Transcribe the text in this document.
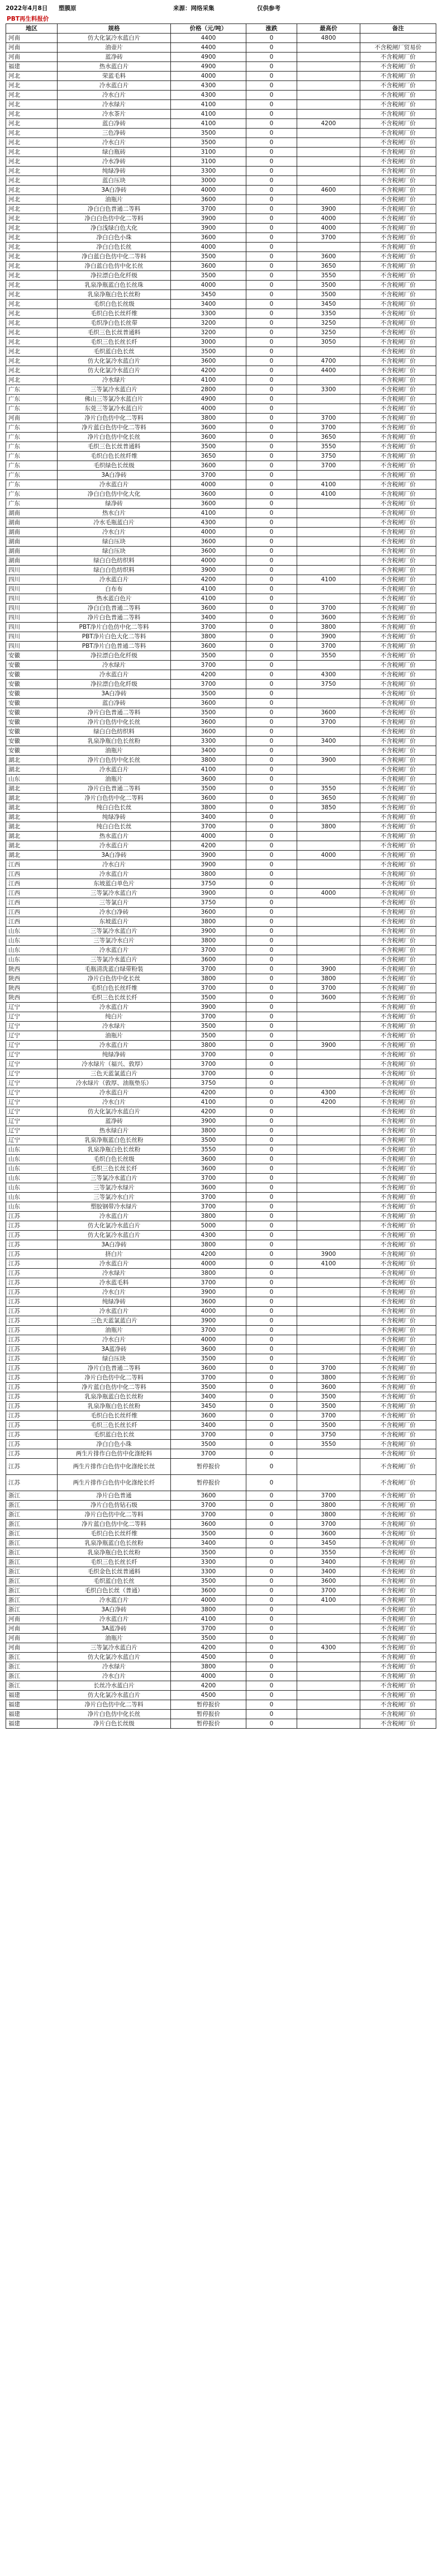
2022年4月8日 塑膜原	来源：网络采集	仅供参考
PBT再生料报价
地区	规格	价格（元/吨）	涨跌	最高价	备注
河南	仿大化氯冷水蓝白片	4400	0	4800	
河南	油壶片	4400	0		不含税闸厂贸易价
河南	蓝净砖	4900	0		不含税闸厂价
福建	热水蓝白片	4900	0		不含税闸厂价
河北	荣蓝毛料	4000	0		不含税闸厂价
河北	冷水蓝白片	4300	0		不含税闸厂价
河北	冷水白片	4300	0		不含税闸厂价
河北	冷水绿片	4100	0		不含税闸厂价
河北	冷水茶片	4100	0		不含税闸厂价
河北	蓝白净砖	4100	0	4200	不含税闸厂价
河北	三色净砖	3500	0		不含税闸厂价
河北	冷水白片	3500	0		不含税闸厂价
河北	绿白瓶砖	3100	0		不含税闸厂价
河北	冷水净砖	3100	0		不含税闸厂价
河北	纯绿净砖	3300	0		不含税闸厂价
河北	蓝白压块	3000	0		不含税闸厂价
河北	3A白净砖	4000	0	4600	不含税闸厂价
河北	油瓶片	3600	0		不含税闸厂价
河北	净白白色普通二等料	3700	0	3900	不含税闸厂价
河北	净白白色仿中化二等料	3900	0	4000	不含税闸厂价
河北	净白浅绿白色大化	3900	0	4000	不含税闸厂价
河北	净白白色小珠	3600	0	3700	不含税闸厂价
河北	净白白色长丝	4000	0		不含税闸厂价
河北	净白蓝白色仿中化二等料	3500	0	3600	不含税闸厂价
河北	净白蓝白色仿中化长丝	3600	0	3650	不含税闸厂价
河北	净拉漂白色化纤级	3500	0	3550	不含税闸厂价
河北	乳泉净瓶蓝白色长丝珠	4000	0	3500	不含税闸厂价
河北	乳泉净瓶白色长丝粉	3450	0	3500	不含税闸厂价
河北	毛织白色长丝级	3400	0	3450	不含税闸厂价
河北	毛织白色长丝纤维	3300	0	3350	不含税闸厂价
河北	毛织净白色长丝带	3200	0	3250	不含税闸厂价
河北	毛织三色长丝普通料	3200	0	3250	不含税闸厂价
河北	毛织三色长丝长纤	3000	0	3050	不含税闸厂价
河北	毛织蓝白色长丝	3500	0		不含税闸厂价
河北	仿大化氯冷水蓝白片	3600	0	4700	不含税闸厂价
河北	仿大化氯冷水蓝白片	4200	0	4400	不含税闸厂价
河北	冷水绿片	4100	0		不含税闸厂价
广东	三等氯冷水蓝白片	2800	0	3300	不含税闸厂价
广东	佛山三等氯冷水蓝白片	4900	0		不含税闸厂价
广东	东莞三等氯冷水蓝白片	4000	0		不含税闸厂价
河南	净片白色仿中化二等料	3800	0	3700	不含税闸厂价
广东	净片蓝白色仿中化二等料	3600	0	3700	不含税闸厂价
广东	净片白色仿中化长丝	3600	0	3650	不含税闸厂价
广东	毛织三色长丝普通料	3500	0	3550	不含税闸厂价
广东	毛织白色长丝纤维	3650	0	3750	不含税闸厂价
广东	毛织绿色长丝级	3600	0	3700	不含税闸厂价
广东	3A白净砖	3700	0		不含税闸厂价
广东	冷水蓝白片	4000	0	4100	不含税闸厂价
广东	净白白色仿中化大化	3600	0	4100	不含税闸厂价
广东	绿净砖	3600	0		不含税闸厂价
湖南	热水白片	4100	0		不含税闸厂价
湖南	冷水毛瓶蓝白片	4300	0		不含税闸厂价
湖南	冷水白片	4000	0		不含税闸厂价
湖南	绿白压块	3600	0		不含税闸厂价
湖南	绿白压块	3600	0		不含税闸厂价
湖南	绿白白色纺织料	4000	0		不含税闸厂价
四川	绿白白色纺织料	3900	0		不含税闸厂价
四川	冷水蓝白片	4200	0	4100	不含税闸厂价
四川	白布布	4100	0		不含税闸厂价
四川	热水蓝白色片	4100	0		不含税闸厂价
四川	净白白色普通二等料	3600	0	3700	不含税闸厂价
四川	净片白色普通二等料	3400	0	3600	不含税闸厂价
四川	PBT净片白色仿中化二等料	3700	0	3800	不含税闸厂价
四川	PBT净片白色大化二等料	3800	0	3900	不含税闸厂价
四川	PBT净片白色普通二等料	3600	0	3700	不含税闸厂价
安徽	净拉漂白色化纤级	3500	0	3550	不含税闸厂价
安徽	冷水绿片	3700	0		不含税闸厂价
安徽	冷水蓝白片	4200	0	4300	不含税闸厂价
安徽	净拉漂白色化纤级	3700	0	3750	不含税闸厂价
安徽	3A白净砖	3500	0		不含税闸厂价
安徽	蓝白净砖	3600	0		不含税闸厂价
安徽	净片白色普通二等料	3500	0	3600	不含税闸厂价
安徽	净片白色仿中化长丝	3600	0	3700	不含税闸厂价
安徽	绿白白色纺织料	3600	0		不含税闸厂价
安徽	乳泉净瓶白色长丝粉	3300	0	3400	不含税闸厂价
安徽	油瓶片	3400	0		不含税闸厂价
湖北	净片白色仿中化长丝	3800	0	3900	不含税闸厂价
湖北	冷水蓝白片	4100	0		不含税闸厂价
山东	油瓶片	3600	0		不含税闸厂价
湖北	净片白色普通二等料	3500	0	3550	不含税闸厂价
湖北	净片白色仿中化二等料	3600	0	3650	不含税闸厂价
湖北	纯白白色长丝	3800	0	3850	不含税闸厂价
湖北	纯绿净砖	3400	0		不含税闸厂价
湖北	纯白白色长丝	3700	0	3800	不含税闸厂价
湖北	热水蓝白片	4000	0		不含税闸厂价
湖北	冷水蓝白片	4200	0		不含税闸厂价
湖北	3A白净砖	3900	0	4000	不含税闸厂价
江西	冷水白片	3900	0		不含税闸厂价
江西	冷水蓝白片	3800	0		不含税闸厂价
江西	东坡蓝白单色片	3750	0		不含税闸厂价
江西	三等氯冷水蓝白片	3900	0	4000	不含税闸厂价
江西	三等氯白片	3750	0		不含税闸厂价
江西	冷水白净砖	3600	0		不含税闸厂价
江西	东坡蓝白片	3800	0		不含税闸厂价
山东	三等氯冷水蓝白片	3900	0		不含税闸厂价
山东	三等氯冷水白片	3800	0		不含税闸厂价
山东	冷水蓝白片	3700	0		不含税闸厂价
山东	三等氯冷水蓝白片	3600	0		不含税闸厂价
陕西	毛瓶清洗蓝白绿带粉装	3700	0	3900	不含税闸厂价
陕西	净片白色仿中化长丝	3800	0	3800	不含税闸厂价
陕西	毛织白色长丝纤维	3700	0	3700	不含税闸厂价
陕西	毛织三色长丝长纤	3500	0	3600	不含税闸厂价
辽宁	冷水蓝白片	3900	0		不含税闸厂价
辽宁	纯白片	3700	0		不含税闸厂价
辽宁	冷水绿片	3500	0		不含税闸厂价
辽宁	油瓶片	3500	0		不含税闸厂价
辽宁	冷水蓝白片	3800	0	3900	不含税闸厂价
辽宁	纯绿净砖	3700	0		不含税闸厂价
辽宁	冷水绿片（福兴、敦厚）	3700	0		不含税闸厂价
辽宁	三色天蓝氯蓝白片	3700	0		不含税闸厂价
辽宁	冷水绿片（敦厚、油瓶垫乐）	3750	0		不含税闸厂价
辽宁	冷水蓝白片	4200	0	4300	不含税闸厂价
辽宁	冷水白片	4100	0	4200	不含税闸厂价
辽宁	仿大化氯冷水蓝白片	4200	0		不含税闸厂价
辽宁	蓝净砖	3900	0		不含税闸厂价
辽宁	热水绿白片	3800	0		不含税闸厂价
辽宁	乳泉净瓶蓝白色长丝粉	3500	0		不含税闸厂价
山东	乳泉净瓶白色长丝粉	3550	0		不含税闸厂价
山东	毛织白色长丝级	3600	0		不含税闸厂价
山东	毛织三色长丝长纤	3600	0		不含税闸厂价
山东	三等氯冷水蓝白片	3700	0		不含税闸厂价
山东	三等氯冷水绿片	3600	0		不含税闸厂价
山东	三等氯冷水白片	3700	0		不含税闸厂价
山东	塑胶钢带冷水绿片	3700	0		不含税闸厂价
江苏	冷水蓝白片	3800	0		不含税闸厂价
江苏	仿大化氯冷水蓝白片	5000	0		不含税闸厂价
江苏	仿大化氯冷水蓝白片	4300	0		不含税闸厂价
江苏	3A白净砖	3800	0		不含税闸厂价
江苏	挤白片	4200	0	3900	不含税闸厂价
江苏	冷水蓝白片	4000	0	4100	不含税闸厂价
江苏	冷水绿片	3800	0		不含税闸厂价
江苏	冷水蓝毛料	3700	0		不含税闸厂价
江苏	冷水白片	3900	0		不含税闸厂价
江苏	纯绿净砖	3600	0		不含税闸厂价
江苏	冷水蓝白片	4000	0		不含税闸厂价
江苏	三色天蓝氯蓝白片	3900	0		不含税闸厂价
江苏	油瓶片	3700	0		不含税闸厂价
江苏	冷水白片	4000	0		不含税闸厂价
江苏	3A蓝净砖	3600	0		不含税闸厂价
江苏	绿白压块	3500	0		不含税闸厂价
江苏	净片白色普通二等料	3600	0	3700	不含税闸厂价
江苏	净片白色仿中化二等料	3700	0	3800	不含税闸厂价
江苏	净片蓝白色仿中化二等料	3500	0	3600	不含税闸厂价
江苏	乳泉净瓶蓝白色长丝粉	3400	0	3500	不含税闸厂价
江苏	乳泉净瓶白色长丝粉	3450	0	3500	不含税闸厂价
江苏	毛织白色长丝纤维	3600	0	3700	不含税闸厂价
江苏	毛织三色长丝长纤	3400	0	3500	不含税闸厂价
江苏	毛织蓝白色长丝	3700	0	3750	不含税闸厂价
江苏	净白白色小珠	3500	0	3550	不含税闸厂价
江苏	两生片排作白色仿中化涤纶料	3700	0		不含税闸厂价
江苏	两生片排作白色仿中化涤纶长丝	暂停报价	0		不含税闸厂价
江苏	两生片排作白色仿中化涤纶长纤	暂停报价	0		不含税闸厂价
浙江	净片白色普通	3600	0	3700	不含税闸厂价
浙江	净片白色仿钻石级	3700	0	3800	不含税闸厂价
浙江	净片白色仿中化二等料	3700	0	3800	不含税闸厂价
浙江	净片蓝白色仿中化二等料	3600	0	3700	不含税闸厂价
浙江	毛织白色长丝纤维	3500	0	3600	不含税闸厂价
浙江	乳泉净瓶蓝白色长丝粉	3400	0	3450	不含税闸厂价
浙江	乳泉净瓶白色长丝粉	3500	0	3550	不含税闸厂价
浙江	毛织三色长丝长纤	3300	0	3400	不含税闸厂价
浙江	毛织金色长丝普通料	3300	0	3400	不含税闸厂价
浙江	毛织蓝白色长丝	3500	0	3600	不含税闸厂价
浙江	毛织白色长丝（普通）	3600	0	3700	不含税闸厂价
浙江	冷水蓝白片	4000	0	4100	不含税闸厂价
浙江	3A白净砖	3800	0		不含税闸厂价
河南	冷水蓝白片	4100	0		不含税闸厂价
河南	3A蓝净砖	3700	0		不含税闸厂价
河南	油瓶片	3500	0		不含税闸厂价
河南	三等氯冷水蓝白片	4200	0	4300	不含税闸厂价
浙江	仿大化氯冷水蓝白片	4500	0		不含税闸厂价
浙江	冷水绿片	3800	0		不含税闸厂价
浙江	冷水白片	4000	0		不含税闸厂价
浙江	长丝冷水蓝白片	4200	0		不含税闸厂价
福建	仿大化氯冷水蓝白片	4500	0		不含税闸厂价
福建	净片白色仿中化二等料	暂停报价	0		不含税闸厂价
福建	净片白色仿中化长丝	暂停报价	0		不含税闸厂价
福建	净片白色长丝级	暂停报价	0		不含税闸厂价
